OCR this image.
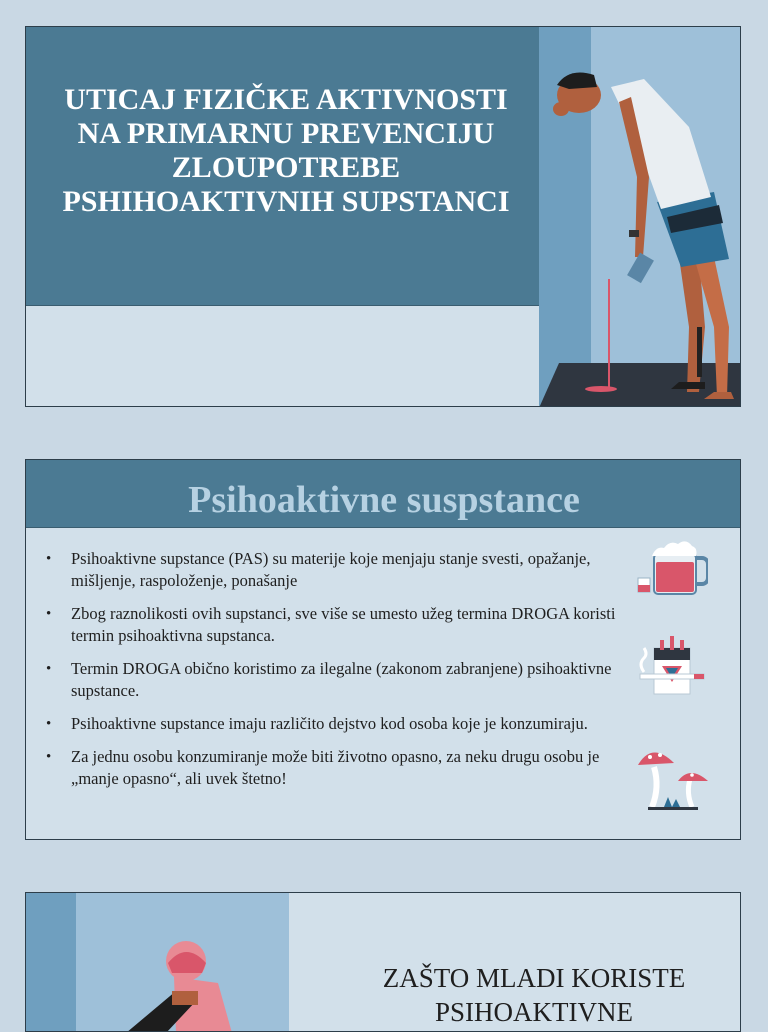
UTICAJ FIZIČKE AKTIVNOSTI NA PRIMARNU PREVENCIJU ZLOUPOTREBE PSHIHOAKTIVNIH SUPSTANCI
Psihoaktivne susp​stance
• Psihoaktivne supstance (PAS) su materije koje menjaju stanje svesti, opažanje, mišljenje, raspoloženje, ponašanje
• Zbog raznolikosti ovih supstanci, sve više se umesto užeg termina DROGA koristi termin psihoaktivna supstanca.
• Termin DROGA obično koristimo za ilegalne (zakonom zabranjene) psihoaktivne supstance.
• Psihoaktivne supstance imaju različito dejstvo kod osoba koje je konzumiraju.
• Za jednu osobu konzumiranje može biti životno opasno, za neku drugu osobu je „manje opasno“, ali uvek štetno!
ZAŠTO MLADI KORISTE PSIHOAKTIVNE
